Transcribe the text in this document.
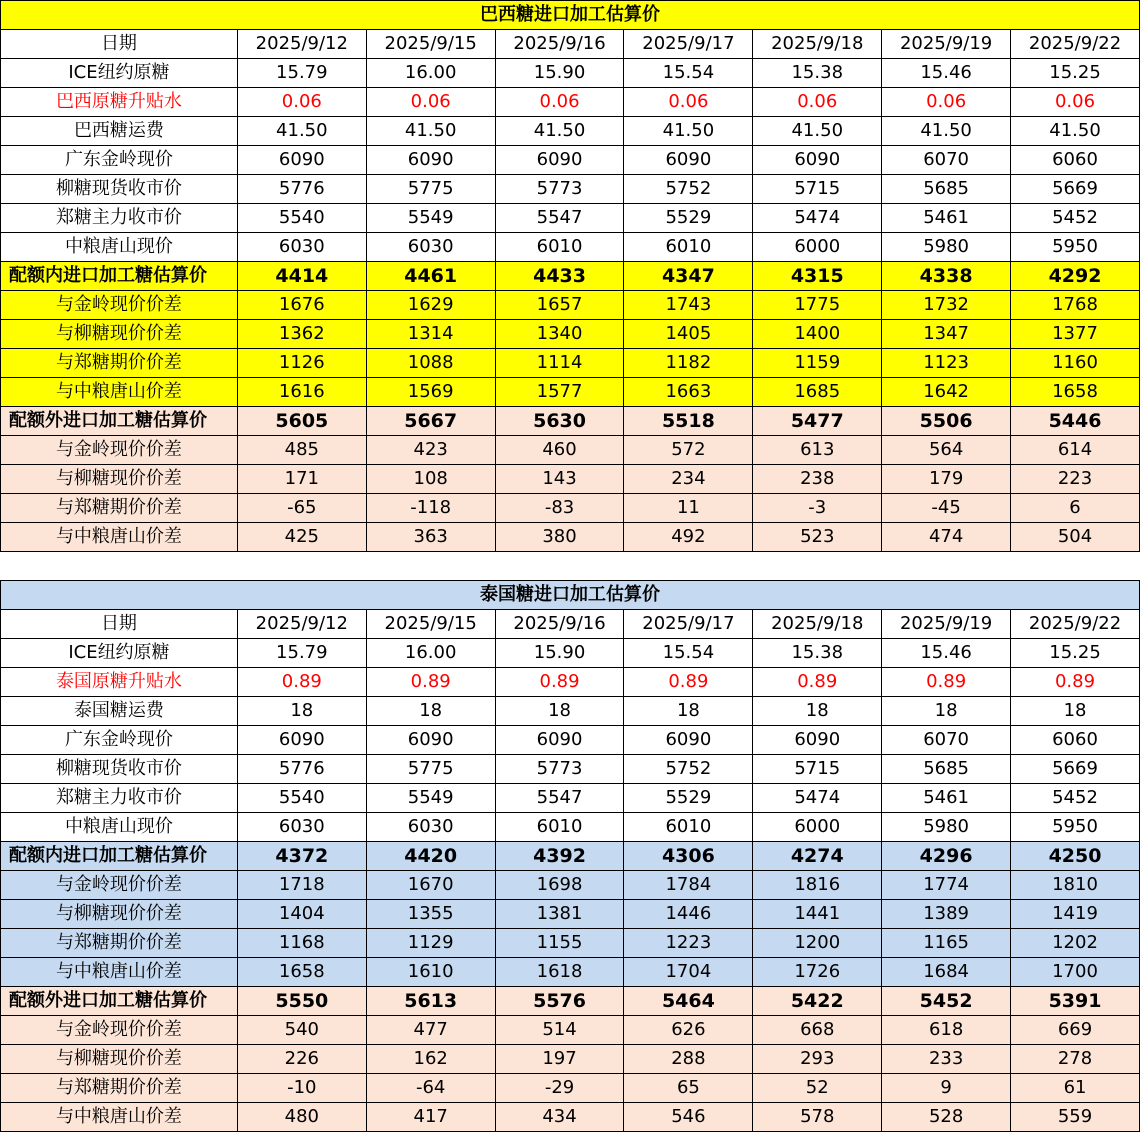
巴西糖进口加工估算价							
日期	2025/9/12	2025/9/15	2025/9/16	2025/9/17	2025/9/18	2025/9/19	2025/9/22
ICE纽约原糖	15.79	16.00	15.90	15.54	15.38	15.46	15.25
巴西原糖升贴水	0.06	0.06	0.06	0.06	0.06	0.06	0.06
巴西糖运费	41.50	41.50	41.50	41.50	41.50	41.50	41.50
广东金岭现价	6090	6090	6090	6090	6090	6070	6060
柳糖现货收市价	5776	5775	5773	5752	5715	5685	5669
郑糖主力收市价	5540	5549	5547	5529	5474	5461	5452
中粮唐山现价	6030	6030	6010	6010	6000	5980	5950
配额内进口加工糖估算价	4414	4461	4433	4347	4315	4338	4292
与金岭现价价差	1676	1629	1657	1743	1775	1732	1768
与柳糖现价价差	1362	1314	1340	1405	1400	1347	1377
与郑糖期价价差	1126	1088	1114	1182	1159	1123	1160
与中粮唐山价差	1616	1569	1577	1663	1685	1642	1658
配额外进口加工糖估算价	5605	5667	5630	5518	5477	5506	5446
与金岭现价价差	485	423	460	572	613	564	614
与柳糖现价价差	171	108	143	234	238	179	223
与郑糖期价价差	-65	-118	-83	11	-3	-45	6
与中粮唐山价差	425	363	380	492	523	474	504
泰国糖进口加工估算价							
日期	2025/9/12	2025/9/15	2025/9/16	2025/9/17	2025/9/18	2025/9/19	2025/9/22
ICE纽约原糖	15.79	16.00	15.90	15.54	15.38	15.46	15.25
泰国原糖升贴水	0.89	0.89	0.89	0.89	0.89	0.89	0.89
泰国糖运费	18	18	18	18	18	18	18
广东金岭现价	6090	6090	6090	6090	6090	6070	6060
柳糖现货收市价	5776	5775	5773	5752	5715	5685	5669
郑糖主力收市价	5540	5549	5547	5529	5474	5461	5452
中粮唐山现价	6030	6030	6010	6010	6000	5980	5950
配额内进口加工糖估算价	4372	4420	4392	4306	4274	4296	4250
与金岭现价价差	1718	1670	1698	1784	1816	1774	1810
与柳糖现价价差	1404	1355	1381	1446	1441	1389	1419
与郑糖期价价差	1168	1129	1155	1223	1200	1165	1202
与中粮唐山价差	1658	1610	1618	1704	1726	1684	1700
配额外进口加工糖估算价	5550	5613	5576	5464	5422	5452	5391
与金岭现价价差	540	477	514	626	668	618	669
与柳糖现价价差	226	162	197	288	293	233	278
与郑糖期价价差	-10	-64	-29	65	52	9	61
与中粮唐山价差	480	417	434	546	578	528	559
